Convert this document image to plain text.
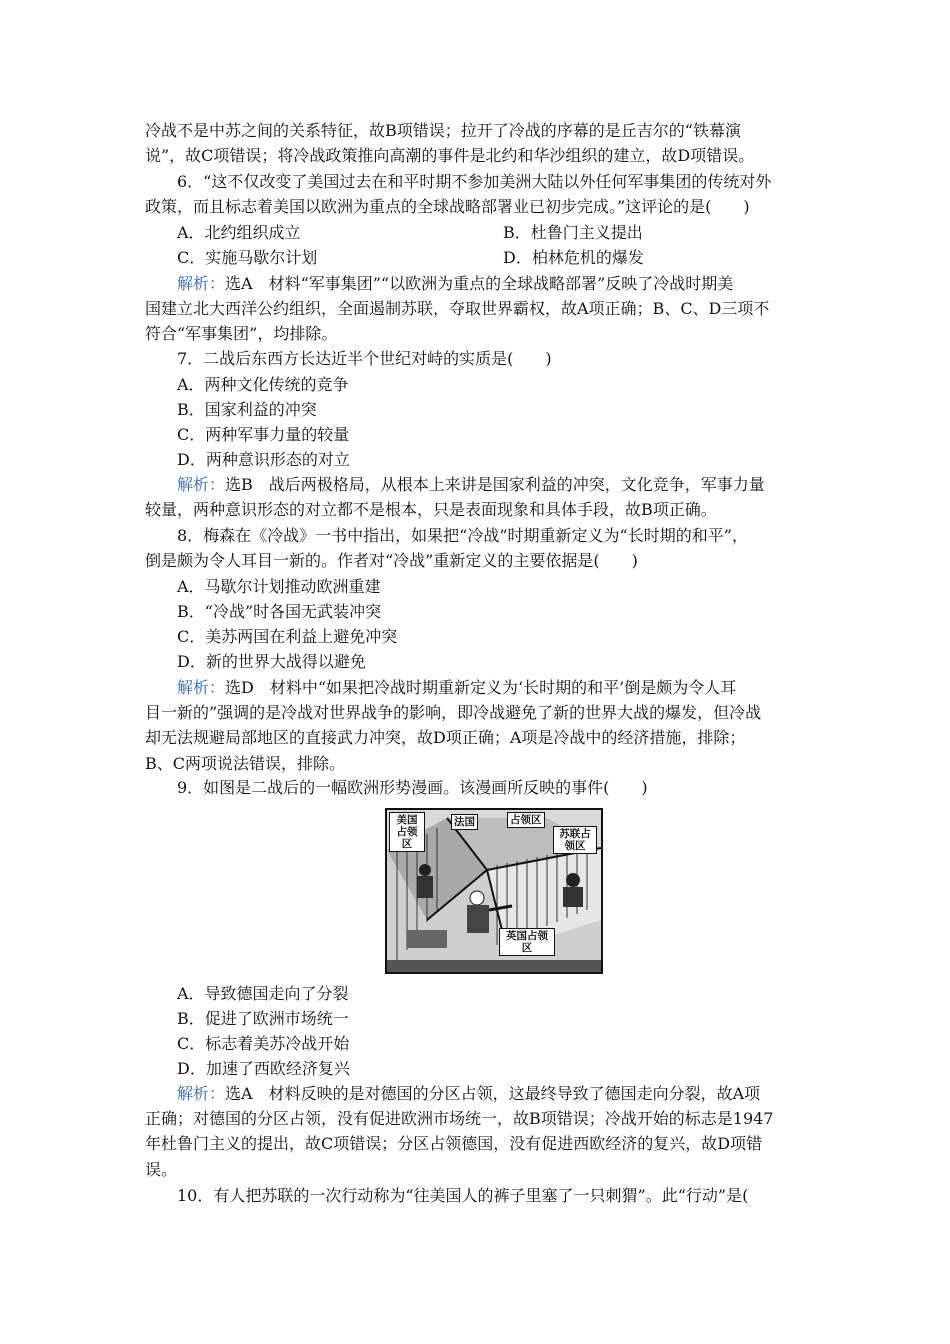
冷战不是中苏之间的关系特征，故B项错误；拉开了冷战的序幕的是丘吉尔的“铁幕演
说”，故C项错误；将冷战政策推向高潮的事件是北约和华沙组织的建立，故D项错误。
6．“这不仅改变了美国过去在和平时期不参加美洲大陆以外任何军事集团的传统对外
政策，而且标志着美国以欧洲为重点的全球战略部署业已初步完成。”这评论的是(　　)
A．北约组织成立	B．杜鲁门主义提出
C．实施马歇尔计划	D．柏林危机的爆发
解析：选A　材料“军事集团”“以欧洲为重点的全球战略部署”反映了冷战时期美
国建立北大西洋公约组织，全面遏制苏联，夺取世界霸权，故A项正确；B、C、D三项不
符合“军事集团”，均排除。
7．二战后东西方长达近半个世纪对峙的实质是(　　)
A．两种文化传统的竞争
B．国家利益的冲突
C．两种军事力量的较量
D．两种意识形态的对立
解析：选B　战后两极格局，从根本上来讲是国家利益的冲突，文化竞争，军事力量
较量，两种意识形态的对立都不是根本，只是表面现象和具体手段，故B项正确。
8．梅森在《冷战》一书中指出，如果把“冷战”时期重新定义为“长时期的和平”，
倒是颇为令人耳目一新的。作者对“冷战”重新定义的主要依据是(　　)
A．马歇尔计划推动欧洲重建
B．“冷战”时各国无武装冲突
C．美苏两国在利益上避免冲突
D．新的世界大战得以避免
解析：选D　材料中“如果把冷战时期重新定义为‘长时期的和平’倒是颇为令人耳
目一新的”强调的是冷战对世界战争的影响，即冷战避免了新的世界大战的爆发，但冷战
却无法规避局部地区的直接武力冲突，故D项正确；A项是冷战中的经济措施，排除；
B、C两项说法错误，排除。
9．如图是二战后的一幅欧洲形势漫画。该漫画所反映的事件(　　)
美国
占领
区
法国	占领区
苏联占
领区
英国占领
区
A．导致德国走向了分裂
B．促进了欧洲市场统一
C．标志着美苏冷战开始
D．加速了西欧经济复兴
解析：选A　材料反映的是对德国的分区占领，这最终导致了德国走向分裂，故A项
正确；对德国的分区占领，没有促进欧洲市场统一，故B项错误；冷战开始的标志是1947
年杜鲁门主义的提出，故C项错误；分区占领德国，没有促进西欧经济的复兴，故D项错
误。
10．有人把苏联的一次行动称为“往美国人的裤子里塞了一只刺猬”。此“行动”是(
